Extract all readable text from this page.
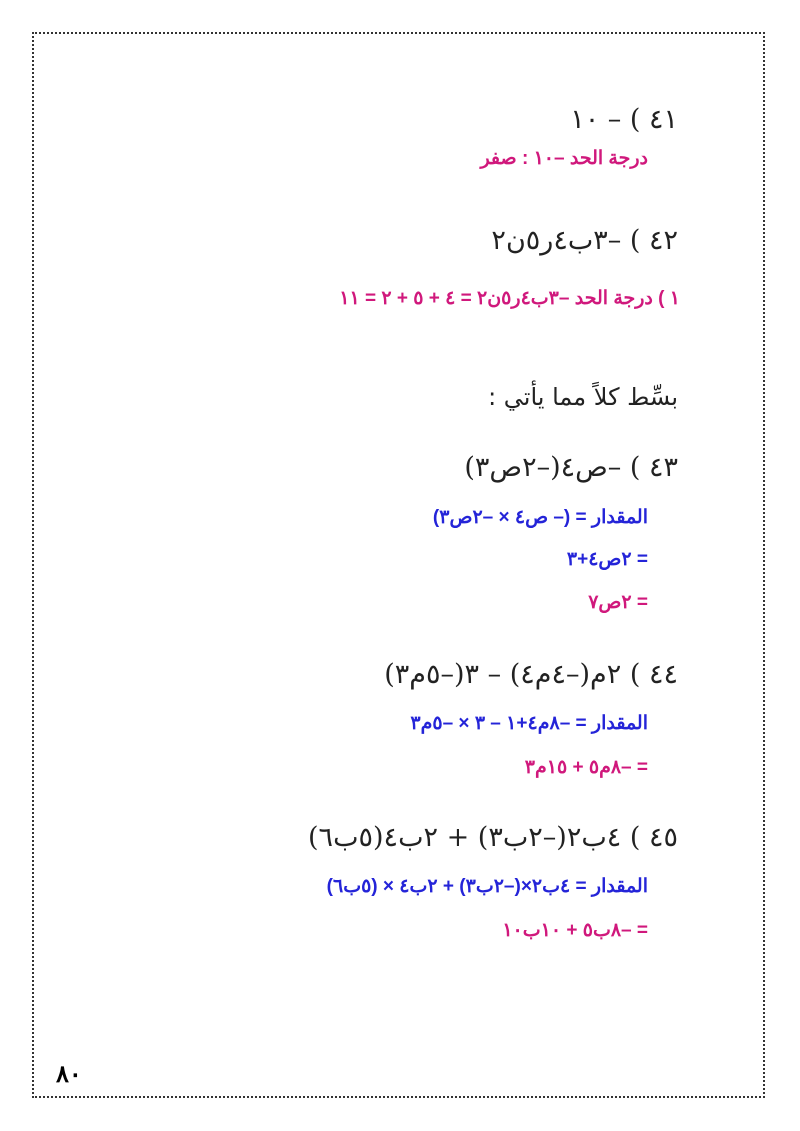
٤١ ) – ١٠
درجة الحد –١٠ : صفر
٤٢ ) –٣ب٤ر٥ن٢
١ ) درجة الحد –٣ب٤ر٥ن٢ = ٤ + ٥ + ٢ = ١١
بسِّط كلاً مما يأتي :
٤٣ ) –ص٤(–٢ص٣)
المقدار = (– ص٤ × –٢ص٣)
= ٢ص٤+٣
= ٢ص٧
٤٤ ) ٢م(–٤م٤) – ٣(–٥م٣)
المقدار = –٨م٤+١ – ٣ × –٥م٣
= –٨م٥ + ١٥م٣
٤٥ ) ٤ب٢(–٢ب٣) + ٢ب٤(٥ب٦)
المقدار = ٤ب٢×(–٢ب٣) + ٢ب٤ × (٥ب٦)
= –٨ب٥ + ١٠ب١٠
٨٠
